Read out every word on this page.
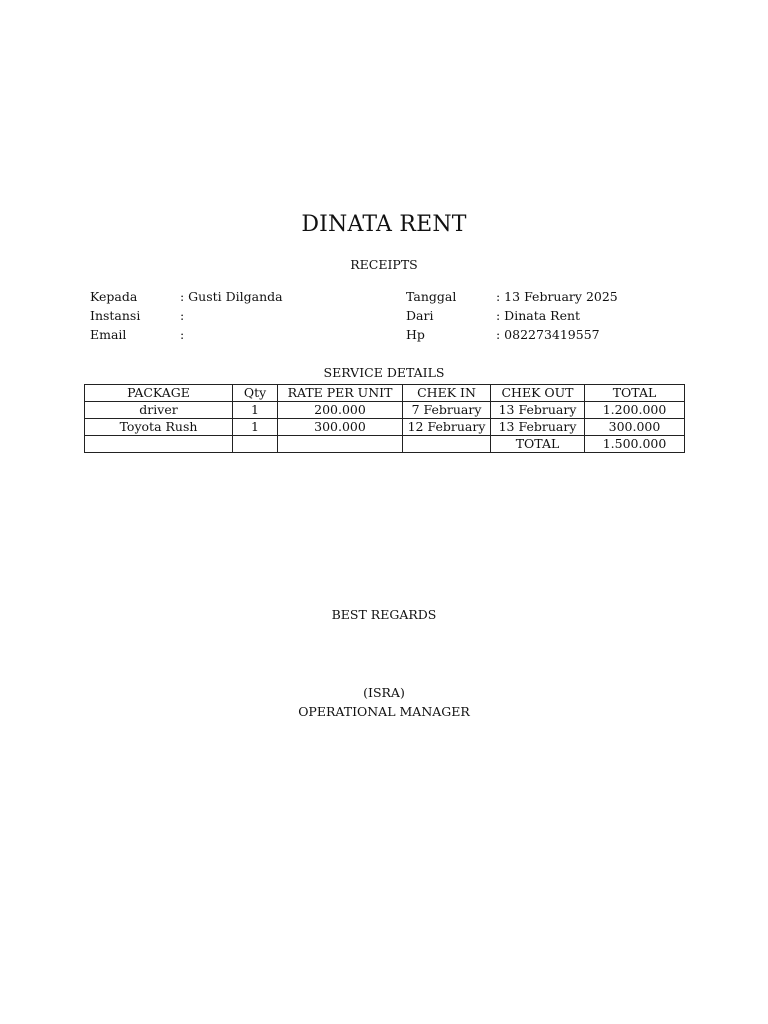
DINATA RENT
RECEIPTS
Kepada	: Gusti Dilganda
Instansi	:
Email	:
Tanggal	: 13 February 2025
Dari	: Dinata Rent
Hp	: 082273419557
SERVICE DETAILS
PACKAGE	Qty	RATE PER UNIT	CHEK IN	CHEK OUT	TOTAL
driver	1	200.000	7 February	13 February	1.200.000
Toyota Rush	1	300.000	12 February	13 February	300.000
				TOTAL	1.500.000
BEST REGARDS
(ISRA)
OPERATIONAL MANAGER
